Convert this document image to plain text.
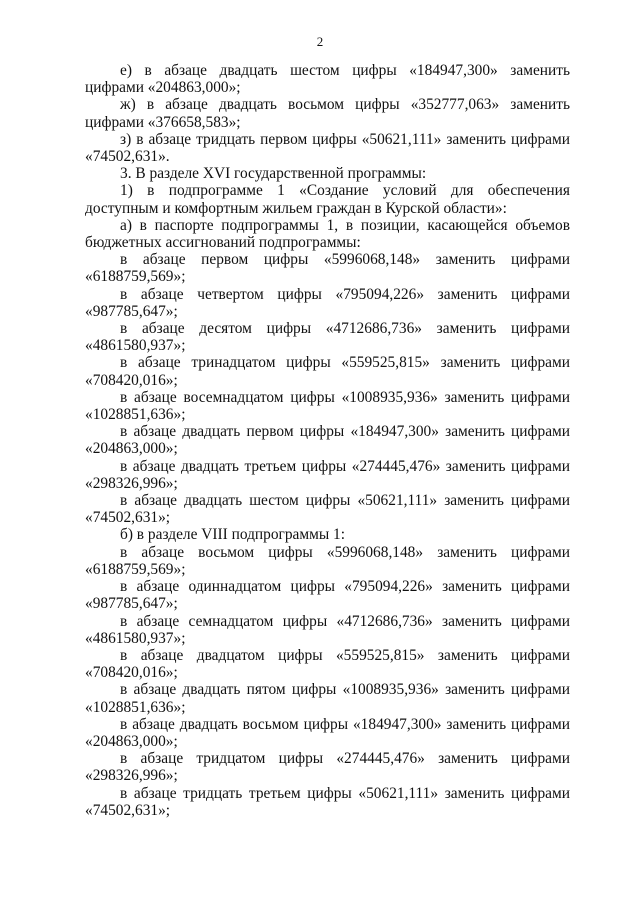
2

е) в абзаце двадцать шестом цифры «184947,300» заменить цифрами «204863,000»;

ж) в абзаце двадцать восьмом цифры «352777,063» заменить цифрами «376658,583»;

з) в абзаце тридцать первом цифры «50621,111» заменить цифрами «74502,631».

3. В разделе XVI государственной программы:

1) в подпрограмме 1 «Создание условий для обеспечения доступным и комфортным жильем граждан в Курской области»:

а) в паспорте подпрограммы 1, в позиции, касающейся объемов бюджетных ассигнований подпрограммы:

в абзаце первом цифры «5996068,148» заменить цифрами «6188759,569»;

в абзаце четвертом цифры «795094,226» заменить цифрами «987785,647»;

в абзаце десятом цифры «4712686,736» заменить цифрами «4861580,937»;

в абзаце тринадцатом цифры «559525,815» заменить цифрами «708420,016»;

в абзаце восемнадцатом цифры «1008935,936» заменить цифрами «1028851,636»;

в абзаце двадцать первом цифры «184947,300» заменить цифрами «204863,000»;

в абзаце двадцать третьем цифры «274445,476» заменить цифрами «298326,996»;

в абзаце двадцать шестом цифры «50621,111» заменить цифрами «74502,631»;

б) в разделе VIII подпрограммы 1:

в абзаце восьмом цифры «5996068,148» заменить цифрами «6188759,569»;

в абзаце одиннадцатом цифры «795094,226» заменить цифрами «987785,647»;

в абзаце семнадцатом цифры «4712686,736» заменить цифрами «4861580,937»;

в абзаце двадцатом цифры «559525,815» заменить цифрами «708420,016»;

в абзаце двадцать пятом цифры «1008935,936» заменить цифрами «1028851,636»;

в абзаце двадцать восьмом цифры «184947,300» заменить цифрами «204863,000»;

в абзаце тридцатом цифры «274445,476» заменить цифрами «298326,996»;

в абзаце тридцать третьем цифры «50621,111» заменить цифрами «74502,631»;
